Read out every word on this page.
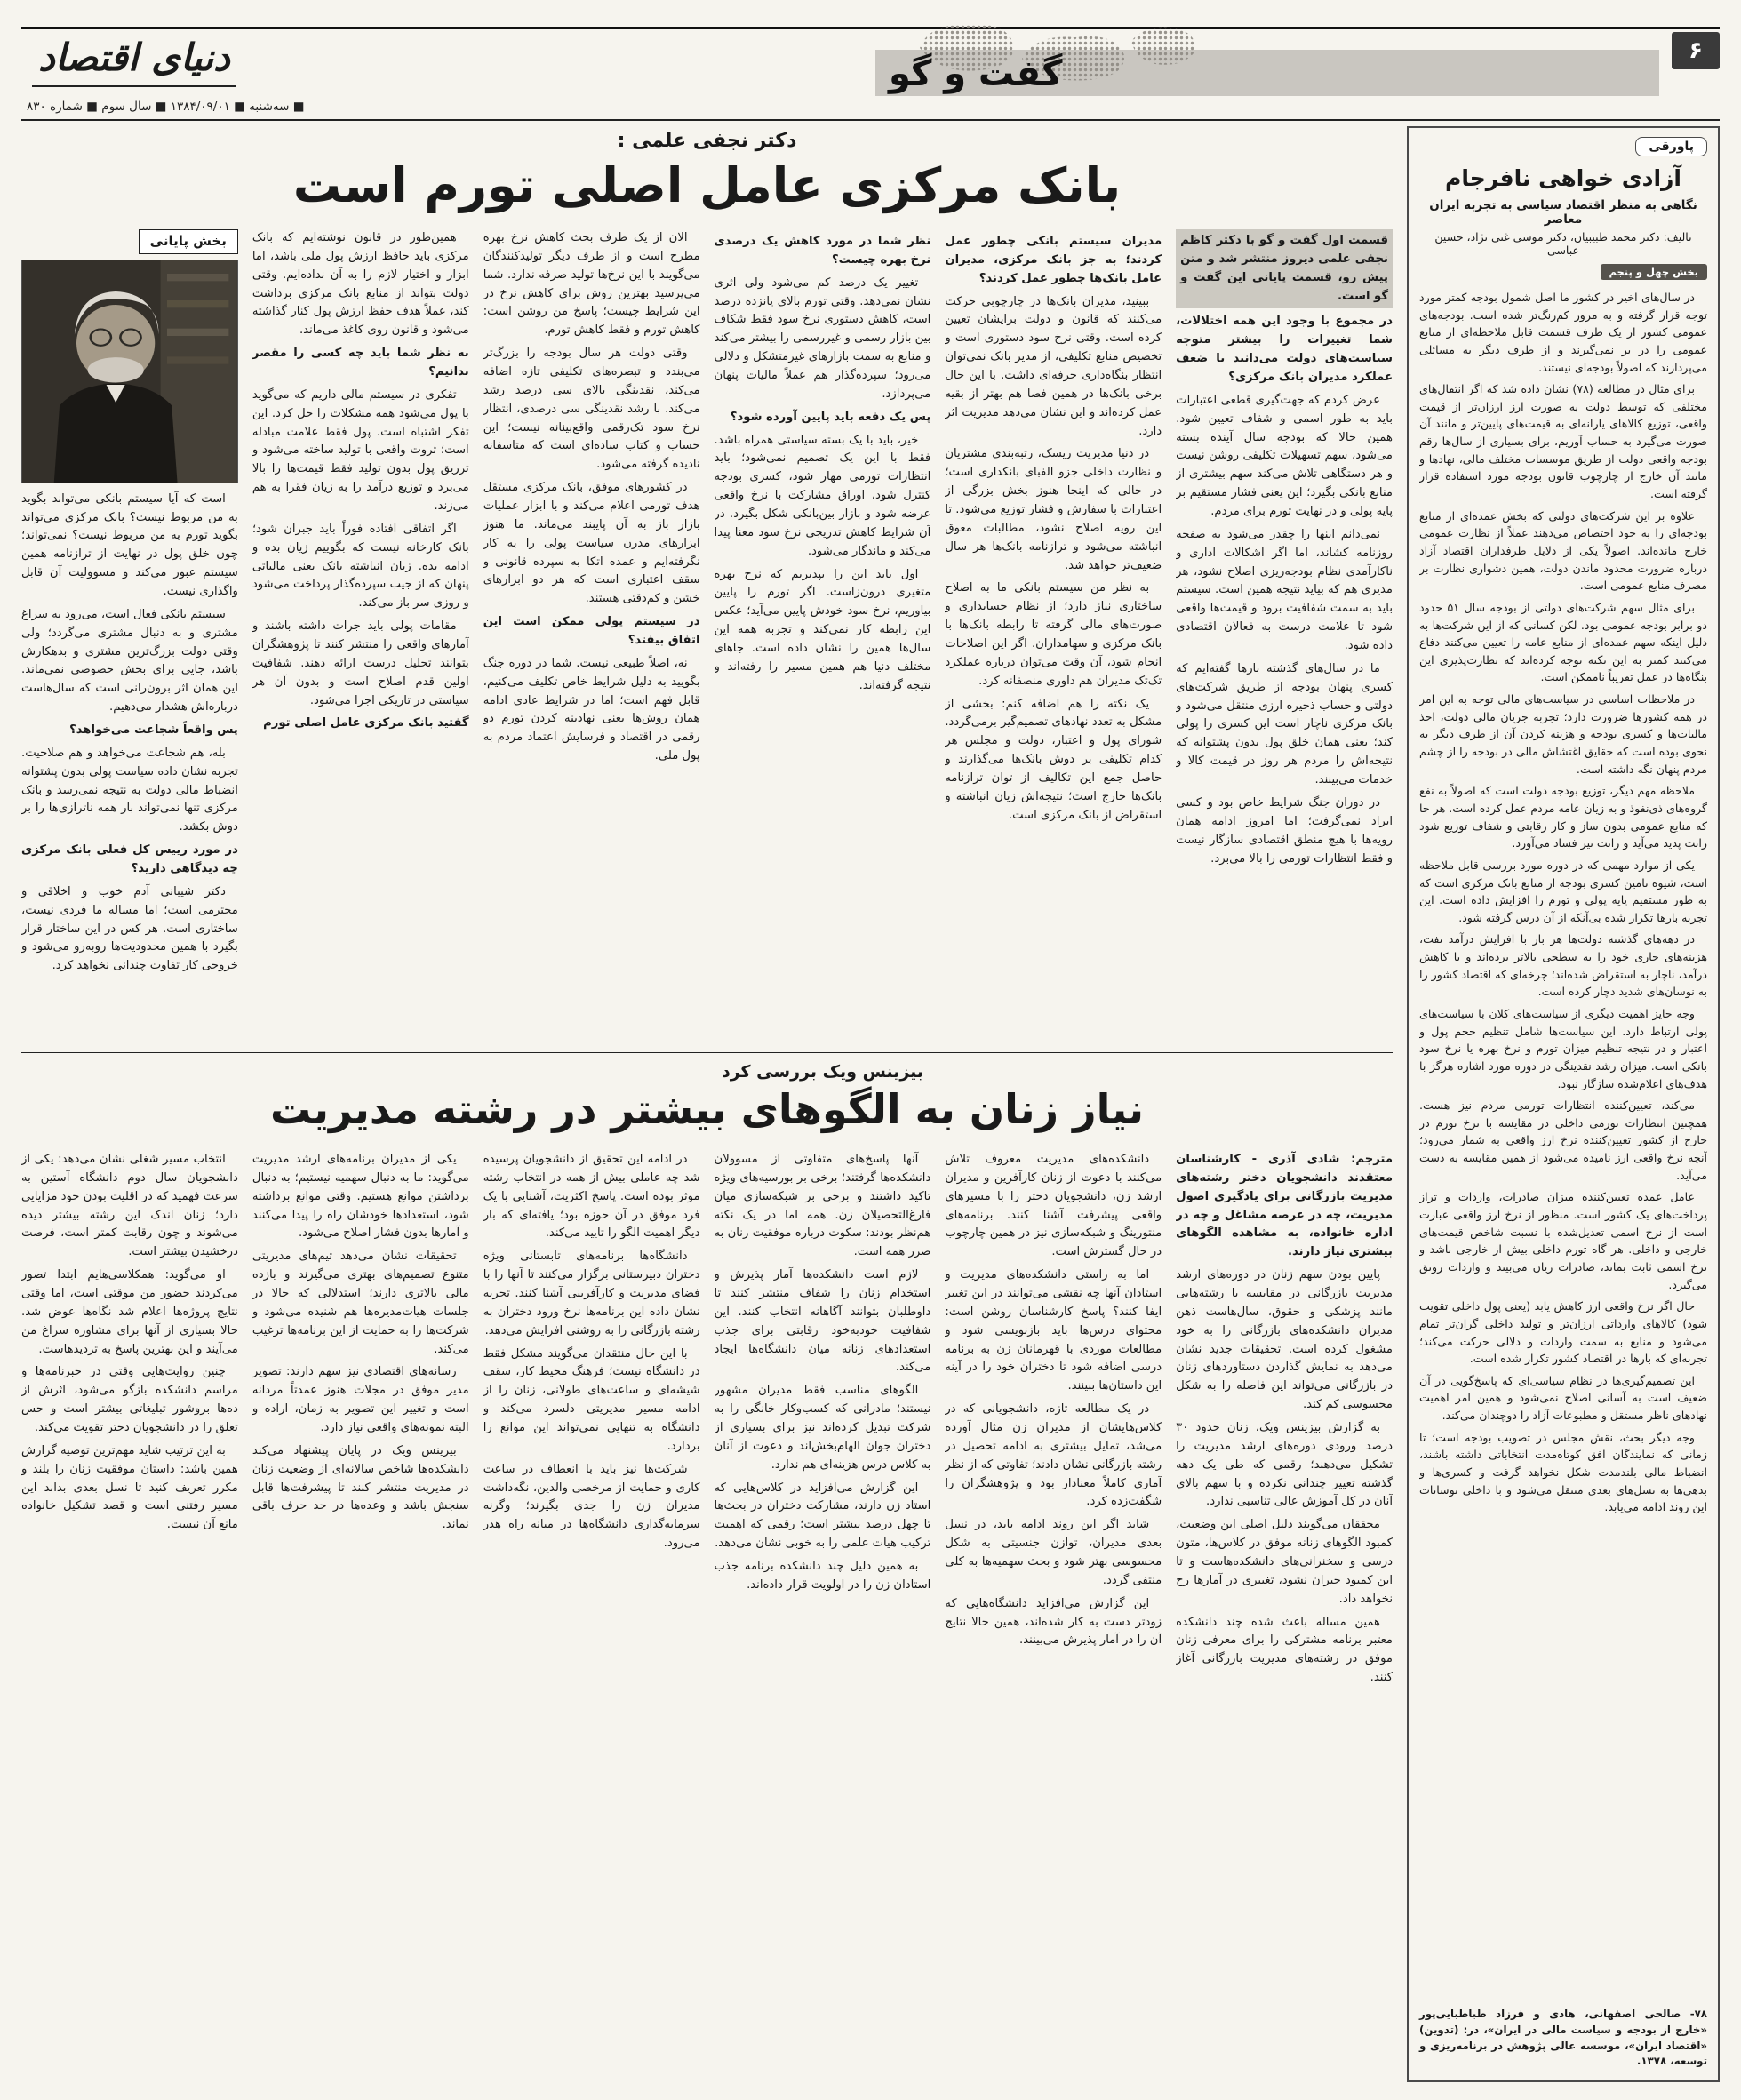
دنیای اقتصاد	۶
گفت و گو
■ سه‌شنبه ■ ۱۳۸۴/۰۹/۰۱ ■ سال سوم ■ شماره ۸۳۰
پاورقی
آزادی خواهی نافرجام
نگاهی به منظر اقتصاد سیاسی به تجربه ایران معاصر
تالیف: دکتر محمد طبیبیان، دکتر موسی غنی نژاد، حسین عباسی
بخش چهل و پنجم

در سال‌های اخیر در کشور ما اصل شمول بودجه کمتر مورد توجه قرار گرفته و به مرور کم‌رنگ‌تر شده است. بودجه‌های عمومی کشور از یک طرف قسمت قابل ملاحظه‌ای از منابع عمومی را در بر نمی‌گیرند و از طرف دیگر به مسائلی می‌پردازند که اصولاً بودجه‌ای نیستند.

برای مثال در مطالعه (۷۸) نشان داده شد که اگر انتقال‌های مختلفی که توسط دولت به صورت ارز ارزان‌تر از قیمت واقعی، توزیع کالاهای یارانه‌ای به قیمت‌های پایین‌تر و مانند آن صورت می‌گیرد به حساب آوریم، برای بسیاری از سال‌ها رقم بودجه واقعی دولت از طریق موسسات مختلف مالی، نهادها و مانند آن خارج از چارچوب قانون بودجه مورد استفاده قرار گرفته است.

علاوه بر این شرکت‌های دولتی که بخش عمده‌ای از منابع بودجه‌ای را به خود اختصاص می‌دهند عملاً از نظارت عمومی خارج مانده‌اند. اصولاً یکی از دلایل طرفداران اقتصاد آزاد درباره ضرورت محدود ماندن دولت، همین دشواری نظارت بر مصرف منابع عمومی است.

برای مثال سهم شرکت‌های دولتی از بودجه سال ۵۱ حدود دو برابر بودجه عمومی بود. لکن کسانی که از این شرکت‌ها به دلیل اینکه سهم عمده‌ای از منابع عامه را تعیین می‌کنند دفاع می‌کنند کمتر به این نکته توجه کرده‌اند که نظارت‌پذیری این بنگاه‌ها در عمل تقریباً ناممکن است.

در ملاحظات اساسی در سیاست‌های مالی توجه به این امر در همه کشورها ضرورت دارد؛ تجربه جریان مالی دولت، اخذ مالیات‌ها و کسری بودجه و هزینه کردن آن از طرف دیگر به نحوی بوده است که حقایق اغتشاش مالی در بودجه را از چشم مردم پنهان نگه داشته است.

ملاحظه مهم دیگر، توزیع بودجه دولت است که اصولاً به نفع گروه‌های ذی‌نفوذ و به زیان عامه مردم عمل کرده است. هر جا که منابع عمومی بدون ساز و کار رقابتی و شفاف توزیع شود رانت پدید می‌آید و رانت نیز فساد می‌آورد.

یکی از موارد مهمی که در دوره مورد بررسی قابل ملاحظه است، شیوه تامین کسری بودجه از منابع بانک مرکزی است که به طور مستقیم پایه پولی و تورم را افزایش داده است. این تجربه بارها تکرار شده بی‌آنکه از آن درس گرفته شود.

در دهه‌های گذشته دولت‌ها هر بار با افزایش درآمد نفت، هزینه‌های جاری خود را به سطحی بالاتر برده‌اند و با کاهش درآمد، ناچار به استقراض شده‌اند؛ چرخه‌ای که اقتصاد کشور را به نوسان‌های شدید دچار کرده است.

وجه حایز اهمیت دیگری از سیاست‌های کلان با سیاست‌های پولی ارتباط دارد. این سیاست‌ها شامل تنظیم حجم پول و اعتبار و در نتیجه تنظیم میزان تورم و نرخ بهره یا نرخ سود بانکی است. میزان رشد نقدینگی در دوره مورد اشاره هرگز با هدف‌های اعلام‌شده سازگار نبود.

می‌کند، تعیین‌کننده انتظارات تورمی مردم نیز هست. همچنین انتظارات تورمی داخلی در مقایسه با نرخ تورم در خارج از کشور تعیین‌کننده نرخ ارز واقعی به شمار می‌رود؛ آنچه نرخ واقعی ارز نامیده می‌شود از همین مقایسه به دست می‌آید.

عامل عمده تعیین‌کننده میزان صادرات، واردات و تراز پرداخت‌های یک کشور است. منظور از نرخ ارز واقعی عبارت است از نرخ اسمی تعدیل‌شده با نسبت شاخص قیمت‌های خارجی و داخلی. هر گاه تورم داخلی بیش از خارجی باشد و نرخ اسمی ثابت بماند، صادرات زیان می‌بیند و واردات رونق می‌گیرد.

حال اگر نرخ واقعی ارز کاهش یابد (یعنی پول داخلی تقویت شود) کالاهای وارداتی ارزان‌تر و تولید داخلی گران‌تر تمام می‌شود و منابع به سمت واردات و دلالی حرکت می‌کند؛ تجربه‌ای که بارها در اقتصاد کشور تکرار شده است.

این تصمیم‌گیری‌ها در نظام سیاسی‌ای که پاسخ‌گویی در آن ضعیف است به آسانی اصلاح نمی‌شود و همین امر اهمیت نهادهای ناظر مستقل و مطبوعات آزاد را دوچندان می‌کند.

وجه دیگر بحث، نقش مجلس در تصویب بودجه است؛ تا زمانی که نمایندگان افق کوتاه‌مدت انتخاباتی داشته باشند، انضباط مالی بلندمدت شکل نخواهد گرفت و کسری‌ها و بدهی‌ها به نسل‌های بعدی منتقل می‌شود و با داخلی نوسانات این روند ادامه می‌یابد.

۷۸- صالحی اصفهانی، هادی و فرزاد طباطبایی‌پور «خارج از بودجه و سیاست مالی در ایران»، در: (تدوین) «اقتصاد ایران»، موسسه عالی پژوهش در برنامه‌ریزی و توسعه، ۱۳۷۸.
دکتر نجفی علمی :
بانک مرکزی عامل اصلی تورم است

قسمت اول گفت و گو با دکتر کاظم نجفی علمی دیروز منتشر شد و متن پیش رو، قسمت پایانی این گفت و گو است.

در مجموع با وجود این همه اختلالات، شما تغییرات را بیشتر متوجه سیاست‌های دولت می‌دانید یا ضعف عملکرد مدیران بانک مرکزی؟

عرض کردم که جهت‌گیری قطعی اعتبارات باید به طور اسمی و شفاف تعیین شود. همین حالا که بودجه سال آینده بسته می‌شود، سهم تسهیلات تکلیفی روشن نیست و هر دستگاهی تلاش می‌کند سهم بیشتری از منابع بانکی بگیرد؛ این یعنی فشار مستقیم بر پایه پولی و در نهایت تورم برای مردم.

نمی‌دانم اینها را چقدر می‌شود به صفحه روزنامه کشاند، اما اگر اشکالات اداری و ناکارآمدی نظام بودجه‌ریزی اصلاح نشود، هر مدیری هم که بیاید نتیجه همین است. سیستم باید به سمت شفافیت برود و قیمت‌ها واقعی شود تا علامت درست به فعالان اقتصادی داده شود.

ما در سال‌های گذشته بارها گفته‌ایم که کسری پنهان بودجه از طریق شرکت‌های دولتی و حساب ذخیره ارزی منتقل می‌شود و بانک مرکزی ناچار است این کسری را پولی کند؛ یعنی همان خلق پول بدون پشتوانه که نتیجه‌اش را مردم هر روز در قیمت کالا و خدمات می‌بینند.

در دوران جنگ شرایط خاص بود و کسی ایراد نمی‌گرفت؛ اما امروز ادامه همان رویه‌ها با هیچ منطق اقتصادی سازگار نیست و فقط انتظارات تورمی را بالا می‌برد.

مدیران سیستم بانکی چطور عمل کردند؛ به جز بانک مرکزی، مدیران عامل بانک‌ها چطور عمل کردند؟

ببینید، مدیران بانک‌ها در چارچوبی حرکت می‌کنند که قانون و دولت برایشان تعیین کرده است. وقتی نرخ سود دستوری است و تخصیص منابع تکلیفی، از مدیر بانک نمی‌توان انتظار بنگاه‌داری حرفه‌ای داشت. با این حال برخی بانک‌ها در همین فضا هم بهتر از بقیه عمل کرده‌اند و این نشان می‌دهد مدیریت اثر دارد.

در دنیا مدیریت ریسک، رتبه‌بندی مشتریان و نظارت داخلی جزو الفبای بانکداری است؛ در حالی که اینجا هنوز بخش بزرگی از اعتبارات با سفارش و فشار توزیع می‌شود. تا این رویه اصلاح نشود، مطالبات معوق انباشته می‌شود و ترازنامه بانک‌ها هر سال ضعیف‌تر خواهد شد.

به نظر من سیستم بانکی ما به اصلاح ساختاری نیاز دارد؛ از نظام حسابداری و صورت‌های مالی گرفته تا رابطه بانک‌ها با بانک مرکزی و سهامداران. اگر این اصلاحات انجام شود، آن وقت می‌توان درباره عملکرد تک‌تک مدیران هم داوری منصفانه کرد.

یک نکته را هم اضافه کنم: بخشی از مشکل به تعدد نهادهای تصمیم‌گیر برمی‌گردد. شورای پول و اعتبار، دولت و مجلس هر کدام تکلیفی بر دوش بانک‌ها می‌گذارند و حاصل جمع این تکالیف از توان ترازنامه بانک‌ها خارج است؛ نتیجه‌اش زیان انباشته و استقراض از بانک مرکزی است.

نظر شما در مورد کاهش یک درصدی نرخ بهره چیست؟

تغییر یک درصد کم می‌شود ولی اثری نشان نمی‌دهد. وقتی تورم بالای پانزده درصد است، کاهش دستوری نرخ سود فقط شکاف بین بازار رسمی و غیررسمی را بیشتر می‌کند و منابع به سمت بازارهای غیرمتشکل و دلالی می‌رود؛ سپرده‌گذار هم عملاً مالیات پنهان می‌پردازد.

پس یک دفعه باید پایین آورده شود؟

خیر، باید با یک بسته سیاستی همراه باشد. فقط با این یک تصمیم نمی‌شود؛ باید انتظارات تورمی مهار شود، کسری بودجه کنترل شود، اوراق مشارکت با نرخ واقعی عرضه شود و بازار بین‌بانکی شکل بگیرد. در آن شرایط کاهش تدریجی نرخ سود معنا پیدا می‌کند و ماندگار می‌شود.

اول باید این را بپذیریم که نرخ بهره متغیری درون‌زاست. اگر تورم را پایین بیاوریم، نرخ سود خودش پایین می‌آید؛ عکس این رابطه کار نمی‌کند و تجربه همه این سال‌ها همین را نشان داده است. جاهای مختلف دنیا هم همین مسیر را رفته‌اند و نتیجه گرفته‌اند.

الان از یک طرف بحث کاهش نرخ بهره مطرح است و از طرف دیگر تولیدکنندگان می‌گویند با این نرخ‌ها تولید صرفه ندارد. شما می‌پرسید بهترین روش برای کاهش نرخ در این شرایط چیست؛ پاسخ من روشن است: کاهش تورم و فقط کاهش تورم.

وقتی دولت هر سال بودجه را بزرگ‌تر می‌بندد و تبصره‌های تکلیفی تازه اضافه می‌کند، نقدینگی بالای سی درصد رشد می‌کند. با رشد نقدینگی سی درصدی، انتظار نرخ سود تک‌رقمی واقع‌بینانه نیست؛ این حساب و کتاب ساده‌ای است که متاسفانه نادیده گرفته می‌شود.

در کشورهای موفق، بانک مرکزی مستقل هدف تورمی اعلام می‌کند و با ابزار عملیات بازار باز به آن پایبند می‌ماند. ما هنوز ابزارهای مدرن سیاست پولی را به کار نگرفته‌ایم و عمده اتکا به سپرده قانونی و سقف اعتباری است که هر دو ابزارهای خشن و کم‌دقتی هستند.

در سیستم پولی ممکن است این اتفاق بیفتد؟

نه، اصلاً طبیعی نیست. شما در دوره جنگ بگویید به دلیل شرایط خاص تکلیف می‌کنیم، قابل فهم است؛ اما در شرایط عادی ادامه همان روش‌ها یعنی نهادینه کردن تورم دو رقمی در اقتصاد و فرسایش اعتماد مردم به پول ملی.

همین‌طور در قانون نوشته‌ایم که بانک مرکزی باید حافظ ارزش پول ملی باشد، اما ابزار و اختیار لازم را به آن نداده‌ایم. وقتی دولت بتواند از منابع بانک مرکزی برداشت کند، عملاً هدف حفظ ارزش پول کنار گذاشته می‌شود و قانون روی کاغذ می‌ماند.

به نظر شما باید چه کسی را مقصر بدانیم؟

تفکری در سیستم مالی داریم که می‌گوید با پول می‌شود همه مشکلات را حل کرد. این تفکر اشتباه است. پول فقط علامت مبادله است؛ ثروت واقعی با تولید ساخته می‌شود و تزریق پول بدون تولید فقط قیمت‌ها را بالا می‌برد و توزیع درآمد را به زیان فقرا به هم می‌زند.

اگر اتفاقی افتاده فوراً باید جبران شود؛ بانک کارخانه نیست که بگوییم زیان بده و ادامه بده. زیان انباشته بانک یعنی مالیاتی پنهان که از جیب سپرده‌گذار پرداخت می‌شود و روزی سر باز می‌کند.

مقامات پولی باید جرات داشته باشند و آمارهای واقعی را منتشر کنند تا پژوهشگران بتوانند تحلیل درست ارائه دهند. شفافیت اولین قدم اصلاح است و بدون آن هر سیاستی در تاریکی اجرا می‌شود.

گفتید بانک مرکزی عامل اصلی تورم

بخش پایانی

است که آیا سیستم بانکی می‌تواند بگوید به من مربوط نیست؟ بانک مرکزی می‌تواند بگوید تورم به من مربوط نیست؟ نمی‌تواند؛ چون خلق پول در نهایت از ترازنامه همین سیستم عبور می‌کند و مسوولیت آن قابل واگذاری نیست.

سیستم بانکی فعال است، می‌رود به سراغ مشتری و به دنبال مشتری می‌گردد؛ ولی وقتی دولت بزرگ‌ترین مشتری و بدهکارش باشد، جایی برای بخش خصوصی نمی‌ماند. این همان اثر برون‌رانی است که سال‌هاست درباره‌اش هشدار می‌دهیم.

پس واقعاً شجاعت می‌خواهد؟

بله، هم شجاعت می‌خواهد و هم صلاحیت. تجربه نشان داده سیاست پولی بدون پشتوانه انضباط مالی دولت به نتیجه نمی‌رسد و بانک مرکزی تنها نمی‌تواند بار همه ناترازی‌ها را بر دوش بکشد.

در مورد رییس کل فعلی بانک مرکزی چه دیدگاهی دارید؟

دکتر شیبانی آدم خوب و اخلاقی و محترمی است؛ اما مساله ما فردی نیست، ساختاری است. هر کس در این ساختار قرار بگیرد با همین محدودیت‌ها روبه‌رو می‌شود و خروجی کار تفاوت چندانی نخواهد کرد.

بیزینس ویک بررسی کرد
نیاز زنان به الگوهای بیشتر در رشته مدیریت

مترجم: شادی آذری - کارشناسان معتقدند دانشجویان دختر رشته‌های مدیریت بازرگانی برای یادگیری اصول مدیریت، چه در عرصه مشاغل و چه در اداره خانواده، به مشاهده الگوهای بیشتری نیاز دارند.

پایین بودن سهم زنان در دوره‌های ارشد مدیریت بازرگانی در مقایسه با رشته‌هایی مانند پزشکی و حقوق، سال‌هاست ذهن مدیران دانشکده‌های بازرگانی را به خود مشغول کرده است. تحقیقات جدید نشان می‌دهد به نمایش گذاردن دستاوردهای زنان در بازرگانی می‌تواند این فاصله را به شکل محسوسی کم کند.

به گزارش بیزینس ویک، زنان حدود ۳۰ درصد ورودی دوره‌های ارشد مدیریت را تشکیل می‌دهند؛ رقمی که طی یک دهه گذشته تغییر چندانی نکرده و با سهم بالای آنان در کل آموزش عالی تناسبی ندارد.

محققان می‌گویند دلیل اصلی این وضعیت، کمبود الگوهای زنانه موفق در کلاس‌ها، متون درسی و سخنرانی‌های دانشکده‌هاست و تا این کمبود جبران نشود، تغییری در آمارها رخ نخواهد داد.

همین مساله باعث شده چند دانشکده معتبر برنامه مشترکی را برای معرفی زنان موفق در رشته‌های مدیریت بازرگانی آغاز کنند.

دانشکده‌های مدیریت معروف تلاش می‌کنند با دعوت از زنان کارآفرین و مدیران ارشد زن، دانشجویان دختر را با مسیرهای واقعی پیشرفت آشنا کنند. برنامه‌های منتورینگ و شبکه‌سازی نیز در همین چارچوب در حال گسترش است.

اما به راستی دانشکده‌های مدیریت و استادان آنها چه نقشی می‌توانند در این تغییر ایفا کنند؟ پاسخ کارشناسان روشن است: محتوای درس‌ها باید بازنویسی شود و مطالعات موردی با قهرمانان زن به برنامه درسی اضافه شود تا دختران خود را در آینه این داستان‌ها ببینند.

در یک مطالعه تازه، دانشجویانی که در کلاس‌هایشان از مدیران زن مثال آورده می‌شد، تمایل بیشتری به ادامه تحصیل در رشته بازرگانی نشان دادند؛ تفاوتی که از نظر آماری کاملاً معنادار بود و پژوهشگران را شگفت‌زده کرد.

شاید اگر این روند ادامه یابد، در نسل بعدی مدیران، توازن جنسیتی به شکل محسوسی بهتر شود و بحث سهمیه‌ها به کلی منتفی گردد.

این گزارش می‌افزاید دانشگاه‌هایی که زودتر دست به کار شده‌اند، همین حالا نتایج آن را در آمار پذیرش می‌بینند.

آنها پاسخ‌های متفاوتی از مسوولان دانشکده‌ها گرفتند؛ برخی بر بورسیه‌های ویژه تاکید داشتند و برخی بر شبکه‌سازی میان فارغ‌التحصیلان زن. همه اما در یک نکته هم‌نظر بودند: سکوت درباره موفقیت زنان به ضرر همه است.

لازم است دانشکده‌ها آمار پذیرش و استخدام زنان را شفاف منتشر کنند تا داوطلبان بتوانند آگاهانه انتخاب کنند. این شفافیت خودبه‌خود رقابتی برای جذب استعدادهای زنانه میان دانشگاه‌ها ایجاد می‌کند.

الگوهای مناسب فقط مدیران مشهور نیستند؛ مادرانی که کسب‌وکار خانگی را به شرکت تبدیل کرده‌اند نیز برای بسیاری از دختران جوان الهام‌بخش‌اند و دعوت از آنان به کلاس درس هزینه‌ای هم ندارد.

این گزارش می‌افزاید در کلاس‌هایی که استاد زن دارند، مشارکت دختران در بحث‌ها تا چهل درصد بیشتر است؛ رقمی که اهمیت ترکیب هیات علمی را به خوبی نشان می‌دهد.

به همین دلیل چند دانشکده برنامه جذب استادان زن را در اولویت قرار داده‌اند.

در ادامه این تحقیق از دانشجویان پرسیده شد چه عاملی بیش از همه در انتخاب رشته موثر بوده است. پاسخ اکثریت، آشنایی با یک فرد موفق در آن حوزه بود؛ یافته‌ای که بار دیگر اهمیت الگو را تایید می‌کند.

دانشگاه‌ها برنامه‌های تابستانی ویژه دختران دبیرستانی برگزار می‌کنند تا آنها را با فضای مدیریت و کارآفرینی آشنا کنند. تجربه نشان داده این برنامه‌ها نرخ ورود دختران به رشته بازرگانی را به روشنی افزایش می‌دهد.

با این حال منتقدان می‌گویند مشکل فقط در دانشگاه نیست؛ فرهنگ محیط کار، سقف شیشه‌ای و ساعت‌های طولانی، زنان را از ادامه مسیر مدیریتی دلسرد می‌کند و دانشگاه به تنهایی نمی‌تواند این موانع را بردارد.

شرکت‌ها نیز باید با انعطاف در ساعت کاری و حمایت از مرخصی والدین، نگه‌داشت مدیران زن را جدی بگیرند؛ وگرنه سرمایه‌گذاری دانشگاه‌ها در میانه راه هدر می‌رود.

یکی از مدیران برنامه‌های ارشد مدیریت می‌گوید: ما به دنبال سهمیه نیستیم؛ به دنبال برداشتن موانع هستیم. وقتی موانع برداشته شود، استعدادها خودشان راه را پیدا می‌کنند و آمارها بدون فشار اصلاح می‌شود.

تحقیقات نشان می‌دهد تیم‌های مدیریتی متنوع تصمیم‌های بهتری می‌گیرند و بازده مالی بالاتری دارند؛ استدلالی که حالا در جلسات هیات‌مدیره‌ها هم شنیده می‌شود و شرکت‌ها را به حمایت از این برنامه‌ها ترغیب می‌کند.

رسانه‌های اقتصادی نیز سهم دارند: تصویر مدیر موفق در مجلات هنوز عمدتاً مردانه است و تغییر این تصویر به زمان، اراده و البته نمونه‌های واقعی نیاز دارد.

بیزینس ویک در پایان پیشنهاد می‌کند دانشکده‌ها شاخص سالانه‌ای از وضعیت زنان در مدیریت منتشر کنند تا پیشرفت‌ها قابل سنجش باشد و وعده‌ها در حد حرف باقی نماند.

انتخاب مسیر شغلی نشان می‌دهد: یکی از دانشجویان سال دوم دانشگاه آستین به سرعت فهمید که در اقلیت بودن خود مزایایی دارد؛ زنان اندک این رشته بیشتر دیده می‌شوند و چون رقابت کمتر است، فرصت درخشیدن بیشتر است.

او می‌گوید: همکلاسی‌هایم ابتدا تصور می‌کردند حضور من موقتی است، اما وقتی نتایج پروژه‌ها اعلام شد نگاه‌ها عوض شد. حالا بسیاری از آنها برای مشاوره سراغ من می‌آیند و این بهترین پاسخ به تردیدهاست.

چنین روایت‌هایی وقتی در خبرنامه‌ها و مراسم دانشکده بازگو می‌شود، اثرش از ده‌ها بروشور تبلیغاتی بیشتر است و حس تعلق را در دانشجویان دختر تقویت می‌کند.

به این ترتیب شاید مهم‌ترین توصیه گزارش همین باشد: داستان موفقیت زنان را بلند و مکرر تعریف کنید تا نسل بعدی بداند این مسیر رفتنی است و قصد تشکیل خانواده مانع آن نیست.
